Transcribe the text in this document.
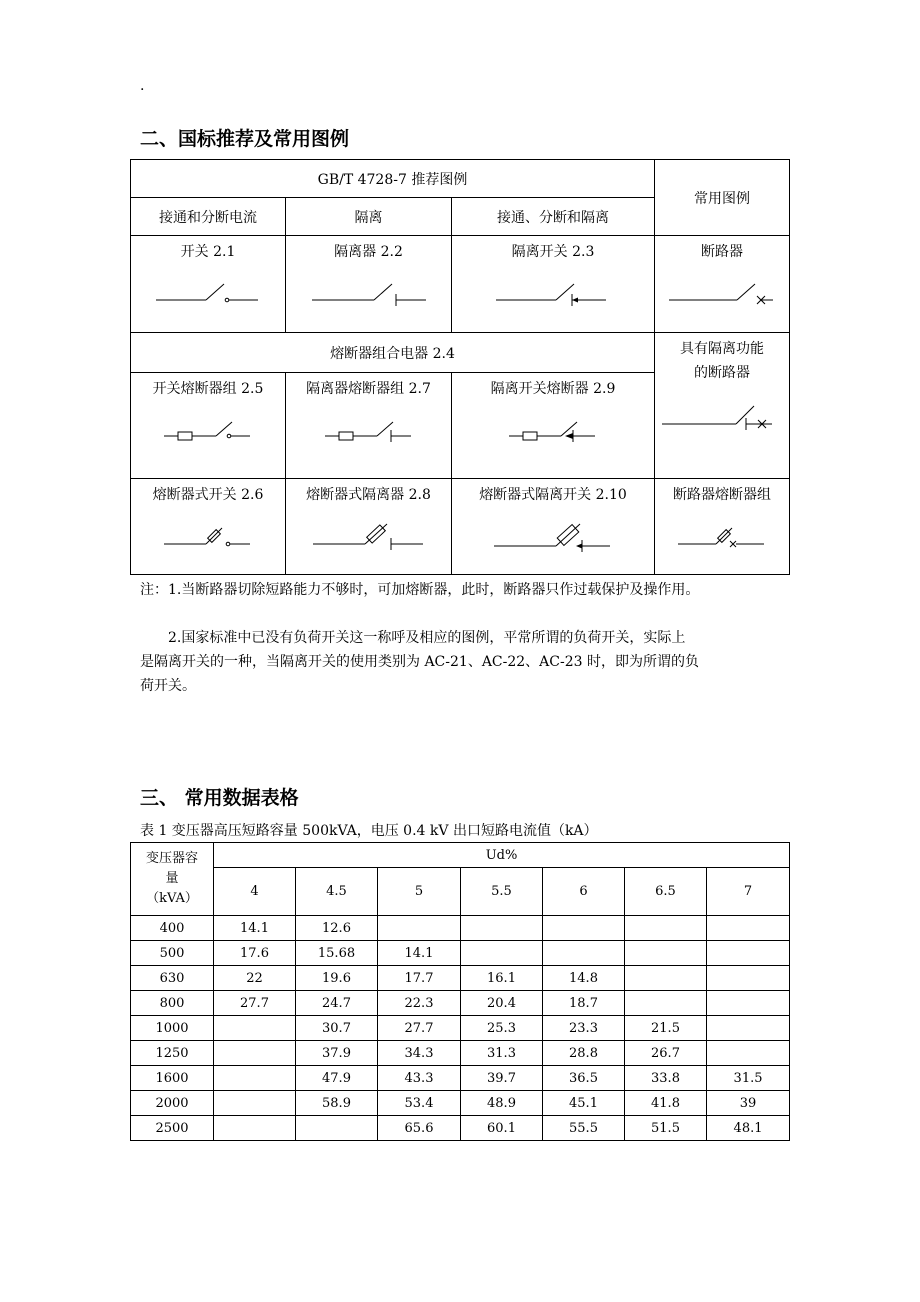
.
二、国标推荐及常用图例
GB/T 4728-7 推荐图例			常用图例
接通和分断电流	隔离	接通、分断和隔离	

开关 2.1	隔离器 2.2	隔离开关 2.3	断路器

熔断器组合电器 2.4			具有隔离功能
的断路器

开关熔断器组 2.5	隔离器熔断器组 2.7	隔离开关熔断器 2.9	

熔断器式开关 2.6	熔断器式隔离器 2.8	熔断器式隔离开关 2.10	断路器熔断器组
注：1.当断路器切除短路能力不够时，可加熔断器，此时，断路器只作过载保护及操作用。
2.国家标准中已没有负荷开关这一称呼及相应的图例，平常所谓的负荷开关，实际上
是隔离开关的一种，当隔离开关的使用类别为 AC-21、AC-22、AC-23 时，即为所谓的负
荷开关。
三、 常用数据表格
表 1 变压器高压短路容量 500kVA，电压 0.4 kV 出口短路电流值（kA）
变压器容
量
（kVA）	Ud%						
	4	4.5	5	5.5	6	6.5	7
400	14.1	12.6					
500	17.6	15.68	14.1				
630	22	19.6	17.7	16.1	14.8		
800	27.7	24.7	22.3	20.4	18.7		
1000		30.7	27.7	25.3	23.3	21.5	
1250		37.9	34.3	31.3	28.8	26.7	
1600		47.9	43.3	39.7	36.5	33.8	31.5
2000		58.9	53.4	48.9	45.1	41.8	39
2500			65.6	60.1	55.5	51.5	48.1
